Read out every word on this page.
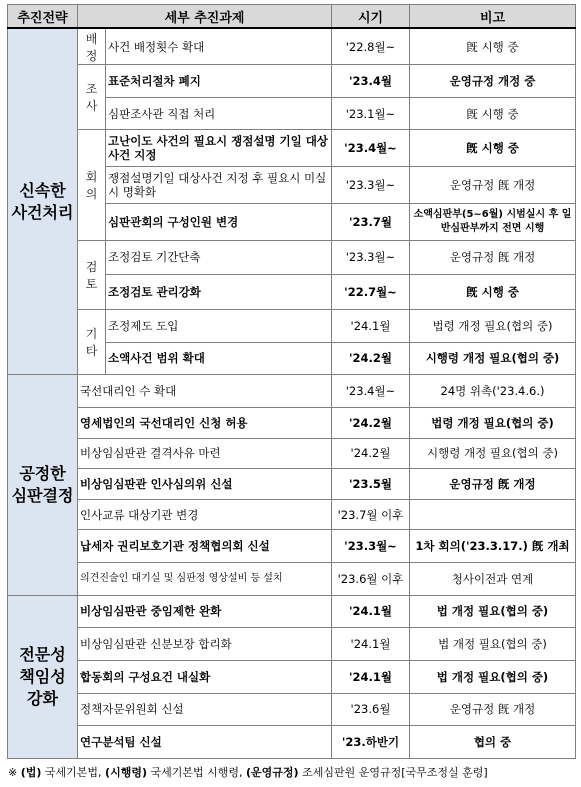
추진전략	세부 추진과제		시기	비고

신속한
사건처리	배정	사건 배정횟수 확대	'22.8월~	旣 시행 중
	조사	표준처리절차 폐지	'23.4월	운영규정 개정 중
		심판조사관 직접 처리	'23.1월~	旣 시행 중
	회의	고난이도 사건의 필요시 쟁점설명 기일 대상사건 지정	'23.4월~	旣 시행 중
		쟁점설명기일 대상사건 지정 후 필요시 미실시 명확화	'23.3월~	운영규정 旣 개정
		심판관회의 구성인원 변경	'23.7월	소액심판부(5~6월) 시범실시 후 일반심판부까지 전면 시행
	검토	조정검토 기간단축	'23.3월~	운영규정 旣 개정
		조정검토 관리강화	'22.7월~	旣 시행 중
	기타	조정제도 도입	'24.1월	법령 개정 필요(협의 중)
		소액사건 범위 확대	'24.2월	시행령 개정 필요(협의 중)

공정한
심판결정	국선대리인 수 확대		'23.4월~	24명 위촉('23.4.6.)
	영세법인의 국선대리인 신청 허용		'24.2월	법령 개정 필요(협의 중)
	비상임심판관 결격사유 마련		'24.2월	시행령 개정 필요(협의 중)
	비상임심판관 인사심의위 신설		'23.5월	운영규정 旣 개정
	인사교류 대상기관 변경		'23.7월 이후	
	납세자 권리보호기관 정책협의회 신설		'23.3월~	1차 회의('23.3.17.) 旣 개최
	의견진술인 대기실 및 심판정 영상설비 등 설치		'23.6월 이후	청사이전과 연계

전문성
책임성
강화	비상임심판관 중임제한 완화		'24.1월	법 개정 필요(협의 중)
	비상임심판관 신분보장 합리화		'24.1월	법 개정 필요(협의 중)
	합동회의 구성요건 내실화		'24.1월	법 개정 필요(협의 중)
	정책자문위원회 신설		'23.6월	운영규정 旣 개정
	연구분석팀 신설		'23.하반기	협의 중
※ (법) 국세기본법, (시행령) 국세기본법 시행령, (운영규정) 조세심판원 운영규정[국무조정실 훈령]
